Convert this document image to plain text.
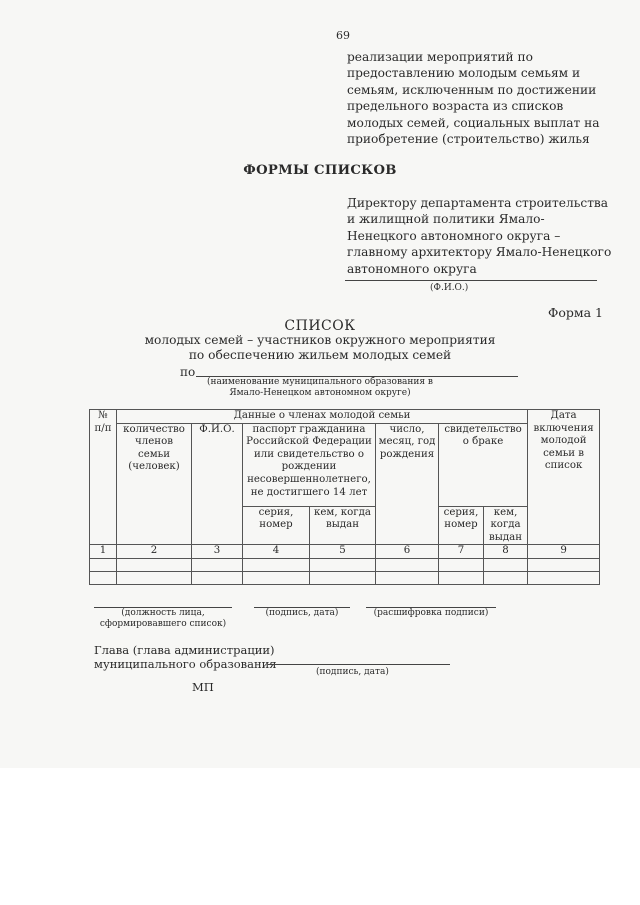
69
реализации мероприятий по предоставлению молодым семьям и семьям, исключенным по достижении предельного возраста из списков молодых семей, социальных выплат на приобретение (строительство) жилья
ФОРМЫ СПИСКОВ
Директору департамента строительства и жилищной политики Ямало-Ненецкого автономного округа – главному архитектору Ямало-Ненецкого автономного округа
(Ф.И.О.)
Форма 1
СПИСОК
молодых семей – участников окружного мероприятия
по обеспечению жильем молодых семей
по
(наименование муниципального образования в
Ямало-Ненецком автономном округе)
№ п/п	Данные о членах молодой семьи							Дата включения молодой семьи в список
	количество членов семьи (человек)	Ф.И.О.	паспорт гражданина Российской Федерации или свидетельство о рождении несовершеннолетнего, не достигшего 14 лет		число, месяц, год рождения	свидетельство о браке		
			серия, номер	кем, когда выдан		серия, номер	кем, когда выдан	
1	2	3	4	5	6	7	8	9

(должность лица,
сформировавшего список)
(подпись, дата)	(расшифровка подписи)
Глава (глава администрации)
муниципального образования
(подпись, дата)
МП
